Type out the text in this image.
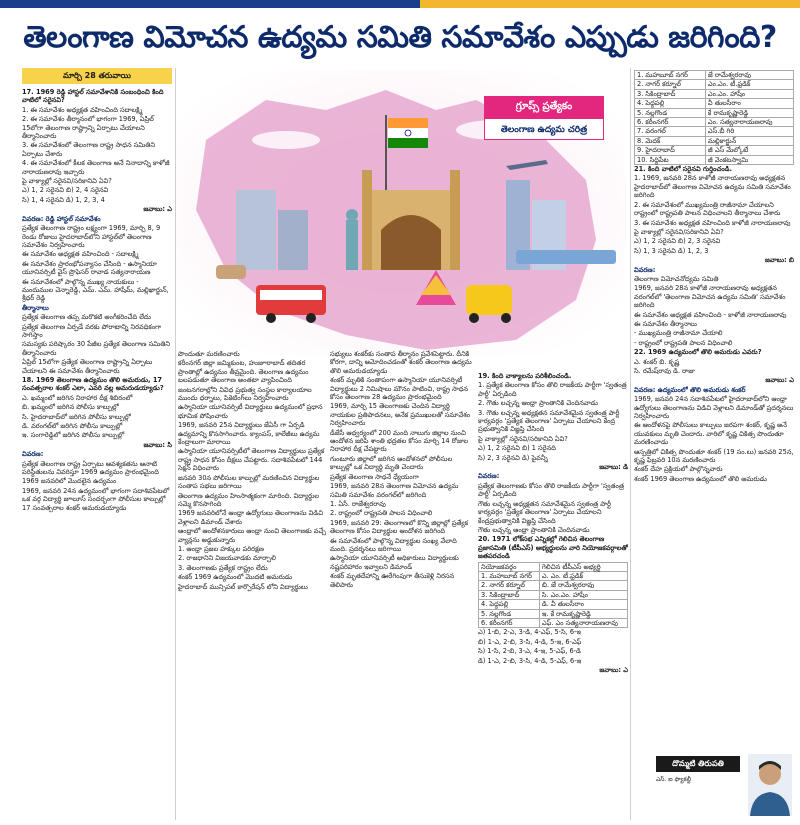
తెలంగాణ విమోచన ఉద్యమ సమితి సమావేశం ఎప్పుడు జరిగింది?
మార్చి 28 తరువాయి

17. 1969 రెడ్డి హాస్టల్ సమావేశానికి సంబంధించి కింది వాటిలో సరైనవి?

1. ఈ సమావేశం అధ్యక్షత వహించింది సదాలక్ష్మి

2. ఈ సమావేశం తీర్మానంలో భాగంగా 1969, ఏప్రిల్ 15లోగా తెలంగాణ రాష్ట్రాన్ని ఏర్పాటు చేయాలని తీర్మానించారు

3. ఈ సమావేశంలో తెలంగాణ రాష్ట్ర సాధన సమితిని ఏర్పాటు చేశారు

4. ఈ సమావేశంలో కీలక తెలంగాణ అనే నినాదాన్ని కాళోజీ నారాయణరావు ఇచ్చారు

పై వాక్యాల్లో సరైనవి/సరికానివి ఏవి?

ఎ) 1, 2 సరైనవి బి) 2, 4 సరైనవి

సి) 1, 4 సరైనవి డి) 1, 2, 3, 4

జవాబు: ఎ

వివరణ: రెడ్డి హాస్టల్ సమావేశం

ప్రత్యేక తెలంగాణ రాష్ట్రం లక్ష్యంగా 1969, మార్చి 8, 9 రెండు రోజులు హైదరాబాద్‌లోని హాస్టల్‌లో తెలంగాణ సమావేశం నిర్వహించారు

ఈ సమావేశం అధ్యక్షత వహించింది - సదాలక్ష్మి

ఈ సమావేశం ప్రారంభోపన్యాసం చేసింది - ఉస్మానియా యూనివర్సిటీ వైస్ ప్రొఫెసర్ రావాడ సత్యనారాయణ

ఈ సమావేశంలో పాల్గొన్న ముఖ్య నాయకులు - మందుముల చెన్నారెడ్డి, ఎమ్. ఎమ్. హాషీమ్, మల్లిఖార్జున్, శ్రీధర్ రెడ్డి

తీర్మానాలు

ప్రత్యేక తెలంగాణ తప్ప మరొకటి అంగీకరించేది లేదు

ప్రత్యేక తెలంగాణ ఏర్పడే వరకు పోరాటాన్ని నిరవధికంగా సాగిస్తాం

సమస్యకు పరిష్కారం 30 పేజీల ప్రత్యేక తెలంగాణ సమితిని తీర్మానించారు

ఏప్రిల్ 15లోగా ప్రత్యేక తెలంగాణ రాష్ట్రాన్ని ఏర్పాటు చేయాలని ఈ సమావేశం తీర్మానించారు

18. 1969 తెలంగాణ ఉద్యమం తొలి అమరుడు, 17 సంవత్సరాల శంకర్ ఎలా, ఎవరి వల్ల అమరుడయ్యాడు?

ఎ. ఖమ్మంలో జరిగిన నిరాహార దీక్ష శిబిరంలో

బి. ఖమ్మంలో జరిగిన పోలీసు కాల్పుల్లో

సి. హైదరాబాద్‌లో జరిగిన పోలీసు కాల్పుల్లో

డి. వరంగల్‌లో జరిగిన పోలీసు కాల్పుల్లో

ఇ. సంగారెడ్డిలో జరిగిన పోలీసు కాల్పుల్లో

జవాబు: సి

వివరణ:

ప్రత్యేక తెలంగాణ రాష్ట్ర ఏర్పాటు ఆవశ్యకతను ఆనాటి పరిస్థితులను వివరిస్తూ 1969 ఉద్యమం ప్రారంభమైంది

1969 జనవరిలో మొదలైన ఉద్యమం

1969, జనవరి 24న ఉద్యమంలో భాగంగా సదాశివపేటలో ఒక వర్గ విద్యార్థి జూలూస్ సందర్భంగా పోలీసుల కాల్పుల్లో 17 సంవత్సరాల శంకర్ అమరుడయ్యాడు

గ్రూప్స్ ప్రత్యేకం
తెలంగాణ ఉద్యమ చరిత్ర

పొందుతూ మరణించారు

కరీంనగర్ జిల్లా జమ్మికుంట, హుజూరాబాద్ తదితర ప్రాంతాల్లో ఉద్యమం తీవ్రమైంది. తెలంగాణ ఉద్యమం బలపడుతూ తెలంగాణ అంతటా వ్యాపించింది

జంటనగరాల్లోని వివిధ ప్రభుత్వ సంస్థల కార్యాలయాల ముందు ధర్నాలు, పికెటింగ్‌లు నిర్వహించారు

ఉస్మానియా యూనివర్సిటీ విద్యార్థులు ఉద్యమంలో ప్రధాన భూమిక పోషించారు

1969, జనవరి 25న విద్యార్థులు జేఏసీ గా ఏర్పడి ఉద్యమాన్ని కొనసాగించారు. క్యాంపస్, కాలేజీలు ఉద్యమ కేంద్రాలుగా మారాయి

ఉస్మానియా యూనివర్సిటీలో తెలంగాణ విద్యార్థులు ప్రత్యేక రాష్ట్ర సాధన కోసం దీక్షలు చేపట్టారు. సదాశివపేటలో 144 సెక్షన్ విధించారు

జనవరి 30న పోలీసుల కాల్పుల్లో మరణించిన విద్యార్థుల సంతాప సభలు జరిగాయి

తెలంగాణ ఉద్యమం హింసాత్మకంగా మారింది. విద్యార్థుల సమ్మె కొనసాగింది

1969 జనవరిలోనే ఆంధ్రా ఉద్యోగులు తెలంగాణను విడిచి వెళ్లాలని డిమాండ్ చేశారు

ఆంధ్రాలో ఆందోళనకారులు ఆంధ్రా నుంచి తెలంగాణకు వచ్చే వ్యాన్లను అడ్డుకున్నారు

1. ఆంధ్రా ప్రజల హక్కుల పరిరక్షణ

2. రాజధానిని విజయవాడకు మార్చాలి

3. తెలంగాణకు ప్రత్యేక రాష్ట్రం లేదు

శంకర్ 1969 ఉద్యమంలో మొదటి అమరుడు

హైదరాబాద్ మున్సిపల్ కార్పొరేషన్ లోని విద్యార్థులు

సభ్యులు శంకర్‌కు సంతాప తీర్మానం ప్రవేశపెట్టారు. దీనికి కోరగా, దాన్ని ఆమోదించడంతో శంకర్ తెలంగాణ ఉద్యమ తొలి అమరుడయ్యాడు

శంకర్ మృతికి సంతాపంగా ఉస్మానియా యూనివర్సిటీ విద్యార్థులు 2 నిమిషాలు మౌనం పాటించి, రాష్ట్ర సాధన కోసం తెలంగాణ 28 ఉద్యమం ప్రారంభమైంది

1969, మార్చి 15 తెలంగాణకు చెందిన విద్యార్థి నాయకుల ప్రతిపాదనలు, అనేక ప్రముఖులతో సమావేశం నిర్వహించారు

డీజేసీ ఆధ్వర్యంలో 200 మంది నాలుగు జిల్లాల నుంచి ఆందోళన జరిపి శాంతి భద్రతల కోసం మార్చి 14 రోజుల నిరాహార దీక్ష చేపట్టారు

గుంటూరు జిల్లాలో జరిగిన ఆందోళనలో పోలీసుల కాల్పుల్లో ఒక విద్యార్థి మృతి చెందారు

ప్రత్యేక తెలంగాణ సాధనే ధ్యేయంగా

1969, జనవరి 28న తెలంగాణ విమోచన ఉద్యమ సమితి సమావేశం వరంగల్‌లో జరిగింది

1. ఏసీ. రాజేశ్వరరావు

2. రాష్ట్రంలో రాష్ట్రపతి పాలన విధించాలి

1969, జనవరి 29: తెలంగాణలో కొన్ని జిల్లాల్లో ప్రత్యేక తెలంగాణ కోసం విద్యార్థుల ఆందోళన జరిగింది

ఈ సమావేశంలో పాల్గొన్న విద్యార్థుల సంఖ్య వేలాది మంది. ప్రదర్శనలు జరిగాయి

ఉస్మానియా యూనివర్సిటీ అధికారులు విద్యార్థులకు నష్టపరిహారం ఇవ్వాలని డిమాండ్

శంకర్ మృతదేహాన్ని ఊరేగింపుగా తీసుకెళ్లి నిరసన తెలిపారు

19. కింది వాక్యాలను పరిశీలించండి.

1. ప్రత్యేక తెలంగాణ కోసం తొలి రాజకీయ పార్టీగా 'స్వతంత్ర పార్టీ' ఏర్పడింది

2. గౌతు లచ్చన్న ఆంధ్రా ప్రాంతానికి చెందినవాడు

3. గౌతు లచ్చన్న అధ్యక్షతన సమావేశమైన స్వతంత్ర పార్టీ కార్యవర్గం 'ప్రత్యేక తెలంగాణ' ఏర్పాటు చేయాలని కేంద్ర ప్రభుత్వానికి విజ్ఞప్తి చేసింది

పై వాక్యాల్లో సరైనవి/సరికానివి ఏవి?

ఎ) 1, 2 సరైనవి బి) 1 సరైనది

సి) 2, 3 సరైనవి డి) పైవన్నీ

జవాబు: డి

వివరణ:

ప్రత్యేక తెలంగాణకు కోసం తొలి రాజకీయ పార్టీగా 'స్వతంత్ర పార్టీ' ఏర్పడింది

గౌతు లచ్చన్న అధ్యక్షతన సమావేశమైన స్వతంత్ర పార్టీ కార్యవర్గం 'ప్రత్యేక తెలంగాణ' ఏర్పాటు చేయాలని కేంద్రప్రభుత్వానికి విజ్ఞప్తి చేసింది

గౌతు లచ్చన్న ఆంధ్రా ప్రాంతానికి చెందినవాడు

20. 1971 లోక్‌సభ ఎన్నికల్లో గెలిచిన తెలంగాణ ప్రజాసమితి (టీపీఎస్) అభ్యర్థులను వారి నియోజకవర్గాలతో జతపరచండి

నియోజకవర్గం	గెలిచిన టీపీఎస్ అభ్యర్థి
1. మహబూబ్ నగర్	ఎ. ఎం. టీ.ఫ్రడిక్
2. నాగర్ కర్నూల్	బి. జే రామేశ్వరరావు
3. సికింద్రాబాద్	సి. ఎం.ఎం. హాషీం
4. పెద్దపల్లి	డి. వీ తులసీరాం
5. నల్లగొండ	ఇ. కే రామకృష్ణారెడ్డి
6. కరీంనగర్	ఎఫ్. ఎం సత్యనారాయణరావు

ఎ) 1-బి, 2-ఎ, 3-డి, 4-ఎఫ్, 5-సి, 6-ఇ

బి) 1-ఎ, 2-బి, 3-సి, 4-డి, 5-ఇ, 6-ఎఫ్

సి) 1-సి, 2-బి, 3-ఎ, 4-ఇ, 5-ఎఫ్, 6-డి

డి) 1-ఎ, 2-బి, 3-సి, 4-డి, 5-ఎఫ్, 6-ఇ

జవాబు: ఎ

1. మహబూబ్ నగర్	జే రామేశ్వరరావు
2. నాగర్ కర్నూల్	ఎం.ఎం. టీ.ఫ్రడిక్
3. సికింద్రాబాద్	ఎం.ఎం. హాషీం
4. పెద్దపల్లి	వీ తులసీరాం
5. నల్లగొండ	కే రామకృష్ణారెడ్డి
6. కరీంనగర్	ఎం. సత్యనారాయణరావు
7. వరంగల్	ఎస్.బీ గిరి
8. మెదక్	మల్లికార్జున్
9. హైదరాబాద్	జీ ఎస్ మేల్కోటే
10. సిద్దిపేట	జీ వెంకటస్వామి

21. కింది వాటిలో సరైనవి గుర్తించండి.

1. 1969, జనవరి 28న కాళోజీ నారాయణరావు అధ్యక్షతన హైదరాబాద్‌లో తెలంగాణ విమోచన ఉద్యమ సమితి సమావేశం జరిగింది

2. ఈ సమావేశంలో ముఖ్యమంత్రి రాజీనామా చేయాలని రాష్ట్రంలో రాష్ట్రపతి పాలన విధించాలని తీర్మానాలు చేశారు

3. ఈ సమావేశం అధ్యక్షత వహించింది కాళోజీ నారాయణరావు

పై వాక్యాల్లో సరైనవి/సరికానివి ఏవి?

ఎ) 1, 2 సరైనవి బి) 2, 3 సరైనవి

సి) 1, 3 సరైనవి డి) 1, 2, 3

జవాబు: బి

వివరణ:

తెలంగాణ విమోచనోద్యమ సమితి

1969, జనవరి 28న కాళోజీ నారాయణరావు అధ్యక్షతన వరంగల్‌లో 'తెలంగాణ విమోచన ఉద్యమ సమితి' సమావేశం జరిగింది

ఈ సమావేశం అధ్యక్షత వహించింది - కాళోజీ నారాయణరావు

ఈ సమావేశం తీర్మానాలు

- ముఖ్యమంత్రి రాజీనామా చేయాలి

- రాష్ట్రంలో రాష్ట్రపతి పాలన విధించాలి

22. 1969 ఉద్యమంలో తొలి అమరుడు ఎవరు?

ఎ. శంకర్ బి. కృష్ణ

సి. రమేష్‌రావు డి. రాజు

జవాబు: ఎ

వివరణ: ఉద్యమంలో తొలి అమరుడు శంకర్

1969, జనవరి 24న సదాశివపేటలో హైదరాబాద్‌లోని ఆంధ్రా ఉద్యోగులు తెలంగాణను విడిచి వెళ్లాలని డిమాండ్‌తో ప్రదర్శనలు నిర్వహించారు

ఈ ఆందోళనపై పోలీసులు కాల్పులు జరపగా శంకర్, కృష్ణ అనే యువకులు మృతి చెందారు. వారిలో కృష్ణ చికిత్స పొందుతూ మరణించాడు

ఆస్పత్రిలో చికిత్స పొందుతూ శంకర్ (19 సం.లు) జనవరి 25న, కృష్ణ ఫిబ్రవరి 10న మరణించారు

శంకర్ దేహ ప్రక్రియలో పాల్గొన్నవారు

శంకర్ 1969 తెలంగాణ ఉద్యమంలో తొలి అమరుడు

దొమ్మటి తిరుపతి
ఎస్. ఐ ఫ్యాకల్టీ
